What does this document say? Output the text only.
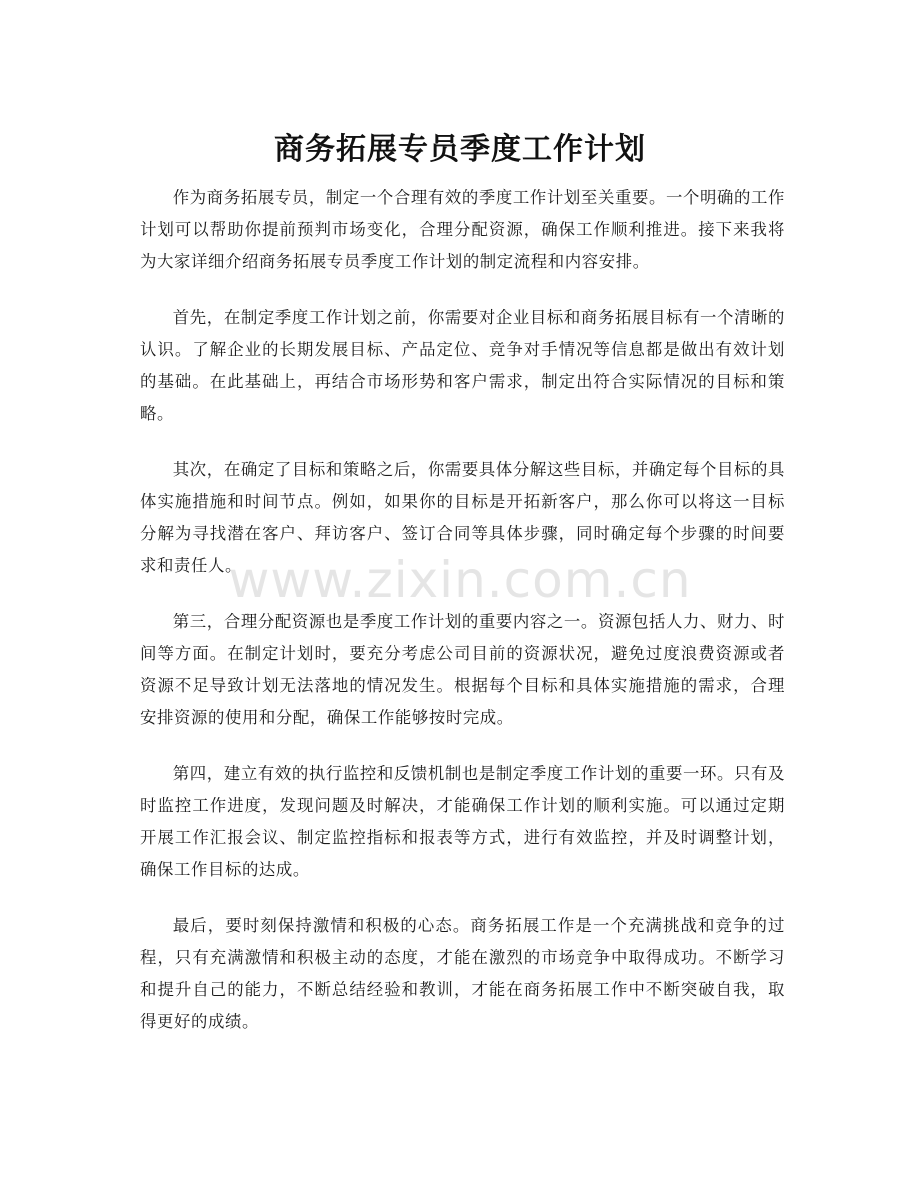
商务拓展专员季度工作计划

作为商务拓展专员，制定一个合理有效的季度工作计划至关重要。一个明确的工作计划可以帮助你提前预判市场变化，合理分配资源，确保工作顺利推进。接下来我将为大家详细介绍商务拓展专员季度工作计划的制定流程和内容安排。

首先，在制定季度工作计划之前，你需要对企业目标和商务拓展目标有一个清晰的认识。了解企业的长期发展目标、产品定位、竞争对手情况等信息都是做出有效计划的基础。在此基础上，再结合市场形势和客户需求，制定出符合实际情况的目标和策略。

其次，在确定了目标和策略之后，你需要具体分解这些目标，并确定每个目标的具体实施措施和时间节点。例如，如果你的目标是开拓新客户，那么你可以将这一目标分解为寻找潜在客户、拜访客户、签订合同等具体步骤，同时确定每个步骤的时间要求和责任人。

第三，合理分配资源也是季度工作计划的重要内容之一。资源包括人力、财力、时间等方面。在制定计划时，要充分考虑公司目前的资源状况，避免过度浪费资源或者资源不足导致计划无法落地的情况发生。根据每个目标和具体实施措施的需求，合理安排资源的使用和分配，确保工作能够按时完成。

第四，建立有效的执行监控和反馈机制也是制定季度工作计划的重要一环。只有及时监控工作进度，发现问题及时解决，才能确保工作计划的顺利实施。可以通过定期开展工作汇报会议、制定监控指标和报表等方式，进行有效监控，并及时调整计划，确保工作目标的达成。

最后，要时刻保持激情和积极的心态。商务拓展工作是一个充满挑战和竞争的过程，只有充满激情和积极主动的态度，才能在激烈的市场竞争中取得成功。不断学习和提升自己的能力，不断总结经验和教训，才能在商务拓展工作中不断突破自我，取得更好的成绩。

www.zixin.com.cn
